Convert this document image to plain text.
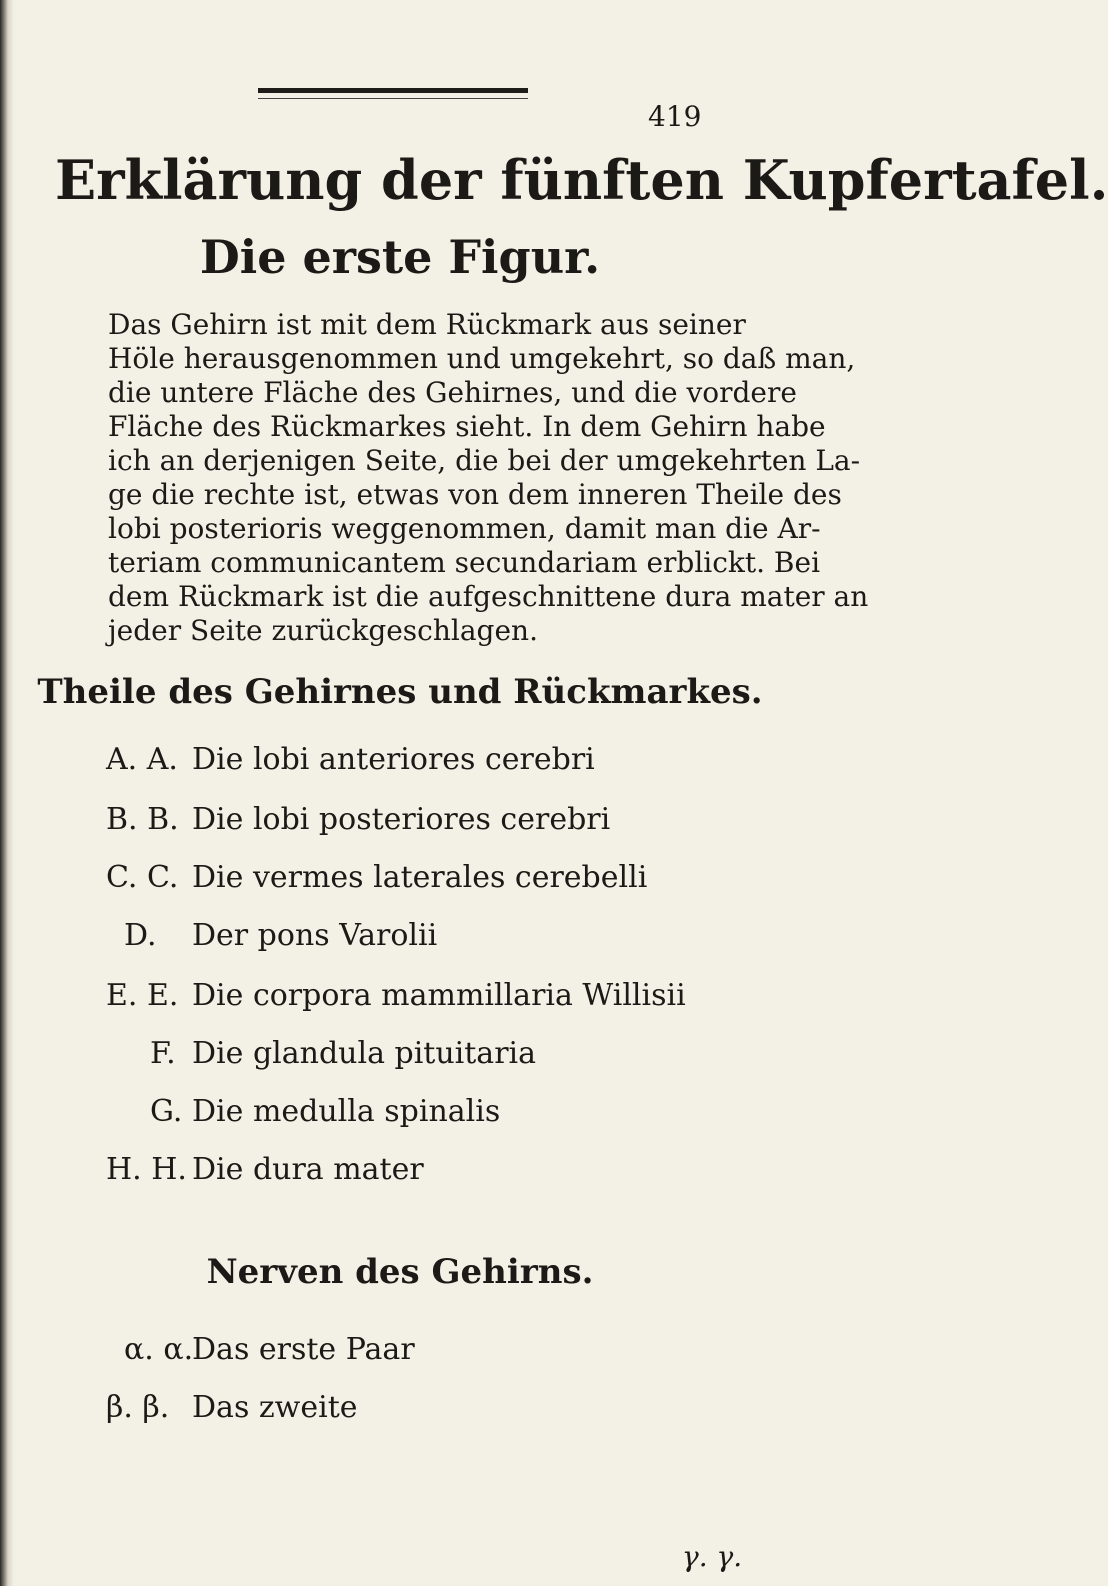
419
Erklärung der fünften Kupfertafel.
Die erste Figur.
Das Gehirn ist mit dem Rückmark aus seiner
Höle herausgenommen und umgekehrt, so daß man,
die untere Fläche des Gehirnes, und die vordere
Fläche des Rückmarkes sieht. In dem Gehirn habe
ich an derjenigen Seite, die bei der umgekehrten La-
ge die rechte ist, etwas von dem inneren Theile des
lobi posterioris weggenommen, damit man die Ar-
teriam communicantem secundariam erblickt. Bei
dem Rückmark ist die aufgeschnittene dura mater an
jeder Seite zurückgeschlagen.
Theile des Gehirnes und Rückmarkes.
A. A. Die lobi anteriores cerebri
B. B. Die lobi posteriores cerebri
C. C. Die vermes laterales cerebelli
D. Der pons Varolii
E. E. Die corpora mammillaria Willisii
F. Die glandula pituitaria
G. Die medulla spinalis
H. H. Die dura mater
Nerven des Gehirns.
α. α.Das erste Paar
β. β. Das zweite
γ. γ.
